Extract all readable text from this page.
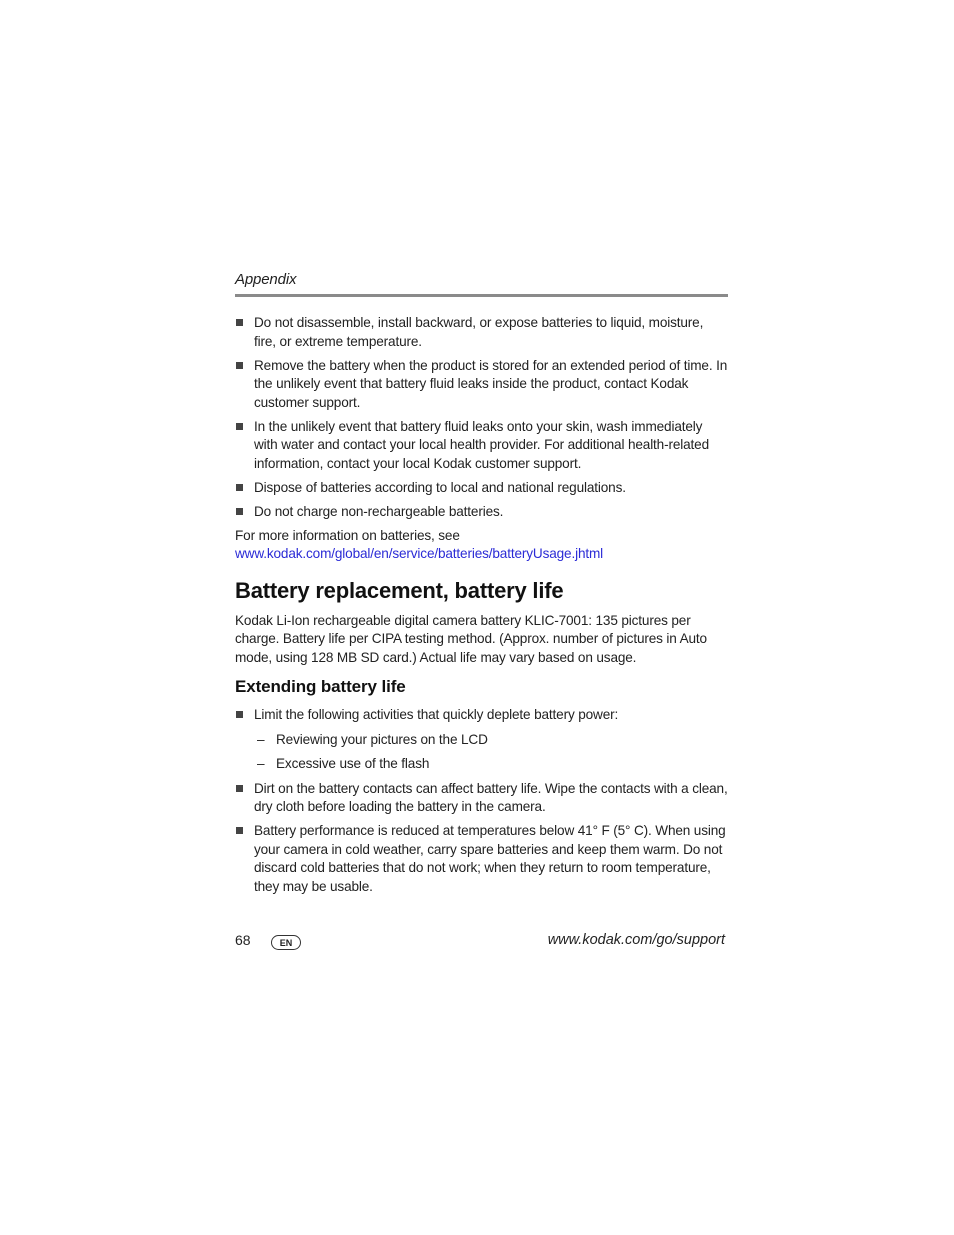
Appendix
Do not disassemble, install backward, or expose batteries to liquid, moisture, fire, or extreme temperature.
Remove the battery when the product is stored for an extended period of time. In the unlikely event that battery fluid leaks inside the product, contact Kodak customer support.
In the unlikely event that battery fluid leaks onto your skin, wash immediately with water and contact your local health provider. For additional health-related information, contact your local Kodak customer support.
Dispose of batteries according to local and national regulations.
Do not charge non-rechargeable batteries.
For more information on batteries, see
www.kodak.com/global/en/service/batteries/batteryUsage.jhtml
Battery replacement, battery life

Kodak Li-Ion rechargeable digital camera battery KLIC-7001: 135 pictures per charge. Battery life per CIPA testing method. (Approx. number of pictures in Auto mode, using 128 MB SD card.) Actual life may vary based on usage.

Extending battery life
Limit the following activities that quickly deplete battery power:
– Reviewing your pictures on the LCD
– Excessive use of the flash
Dirt on the battery contacts can affect battery life. Wipe the contacts with a clean, dry cloth before loading the battery in the camera.
Battery performance is reduced at temperatures below 41° F (5° C). When using your camera in cold weather, carry spare batteries and keep them warm. Do not discard cold batteries that do not work; when they return to room temperature, they may be usable.
68	EN	www.kodak.com/go/support
